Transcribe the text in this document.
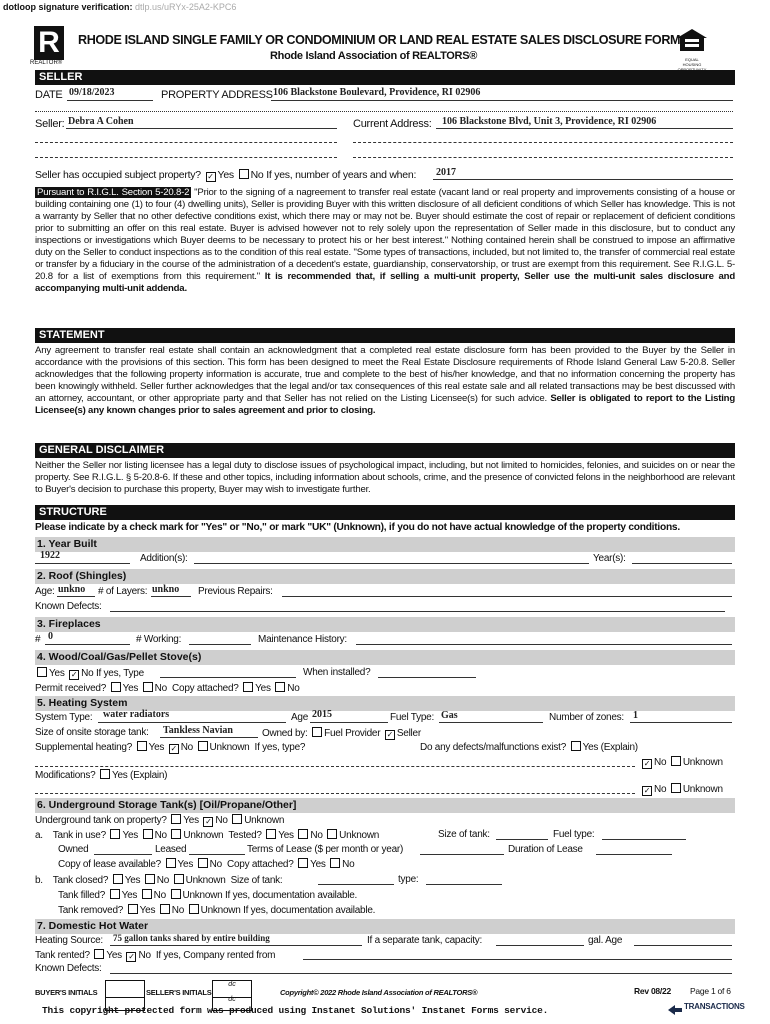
dotloop signature verification: dtlp.us/uRYx-25A2-KPC6
R
REALTOR®
RHODE ISLAND SINGLE FAMILY OR CONDOMINIUM OR LAND REAL ESTATE SALES DISCLOSURE FORM
Rhode Island Association of REALTORS®	EQUAL HOUSING
SELLER
DATE 09/18/2023	PROPERTY ADDRESS 106 Blackstone Boulevard, Providence, RI 02906
Seller: Debra A Cohen	Current Address: 106 Blackstone Blvd, Unit 3, Providence, RI 02906
Seller has occupied subject property? ✓ Yes No If yes, number of years and when: 2017
Pursuant to R.I.G.L. Section 5-20.8-2 "Prior to the signing of a nagreement to transfer real estate (vacant land or real property and improvements consisting of a house or building containing one (1) to four (4) dwelling units), Seller is providing Buyer with this written disclosure of all deficient conditions of which Seller has knowledge. This is not a warranty by Seller that no other defective conditions exist, which there may or may not be. Buyer should estimate the cost of repair or replacement of deficient conditions prior to submitting an offer on this real estate. Buyer is advised however not to rely solely upon the representation of Seller made in this disclosure, but to conduct any inspections or investigations which Buyer deems to be necessary to protect his or her best interest." Nothing contained herein shall be construed to impose an affirmative duty on the Seller to conduct inspections as to the condition of this real estate. "Some types of transactions, included, but not limited to, the transfer of commercial real estate or transfer by a fiduciary in the course of the administration of a decedent's estate, guardianship, conservatorship, or trust are exempt from this requirement. See R.I.G.L. 5-20.8 for a list of exemptions from this requirement." It is recommended that, if selling a multi-unit property, Seller use the multi-unit sales disclosure and accompanying multi-unit addenda.
STATEMENT
Any agreement to transfer real estate shall contain an acknowledgment that a completed real estate disclosure form has been provided to the Buyer by the Seller in accordance with the provisions of this section. This form has been designed to meet the Real Estate Disclosure requirements of Rhode Island General Law 5-20.8. Seller acknowledges that the following property information is accurate, true and complete to the best of his/her knowledge, and that no information concerning the property has been knowingly withheld. Seller further acknowledges that the legal and/or tax consequences of this real estate sale and all related transactions may be best discussed with an attorney, accountant, or other appropriate party and that Seller has not relied on the Listing Licensee(s) for such advice. Seller is obligated to report to the Listing Licensee(s) any known changes prior to sales agreement and prior to closing.
GENERAL DISCLAIMER
Neither the Seller nor listing licensee has a legal duty to disclose issues of psychological impact, including, but not limited to homicides, felonies, and suicides on or near the property. See R.I.G.L. § 5-20.8-6. If these and other topics, including information about schools, crime, and the presence of convicted felons in the neighborhood are relevant to Buyer's decision to purchase this property, Buyer may wish to investigate further.
STRUCTURE
Please indicate by a check mark for "Yes" or "No," or mark "UK" (Unknown), if you do not have actual knowledge of the property conditions.
1. Year Built
1922	Addition(s):	Year(s):
2. Roof (Shingles)
Age: unkno # of Layers: unkno Previous Repairs:
Known Defects:
3. Fireplaces
# 0	# Working:	Maintenance History:
4. Wood/Coal/Gas/Pellet Stove(s)
Yes ✓ No If yes, Type	When installed?
Permit received? Yes No Copy attached? Yes No
5. Heating System
System Type: water radiators	Age 2015	Fuel Type: Gas	Number of zones: 1
Size of onsite storage tank: Tankless Navian	Owned by: Fuel Provider ✓ Seller
Supplemental heating? Yes ✓ No Unknown If yes, type?	Do any defects/malfunctions exist? Yes (Explain)
✓ No Unknown
Modifications? Yes (Explain)
✓ No Unknown
6. Underground Storage Tank(s) [Oil/Propane/Other]
Underground tank on property? Yes ✓ No Unknown
a. Tank in use? Yes No Unknown Tested? Yes No Unknown	Size of tank:	Fuel type:
Owned	Leased	Terms of Lease ($ per month or year)	Duration of Lease
Copy of lease available? Yes No Copy attached? Yes No
b. Tank closed? Yes No Unknown Size of tank:	type:
Tank filled? Yes No Unknown If yes, documentation available.
Tank removed? Yes No Unknown If yes, documentation available.
7. Domestic Hot Water
Heating Source: 75 gallon tanks shared by entire building	If a separate tank, capacity:	gal. Age
Tank rented? Yes ✓ No If yes, Company rented from
Known Defects:
BUYER'S INITIALS	SELLER'S INITIALS
dc
dc
Copyright© 2022 Rhode Island Association of REALTORS®	Rev 08/22 Page 1 of 6
TRANSACTIONS
This copyright protected form was produced using Instanet Solutions' Instanet Forms service.
